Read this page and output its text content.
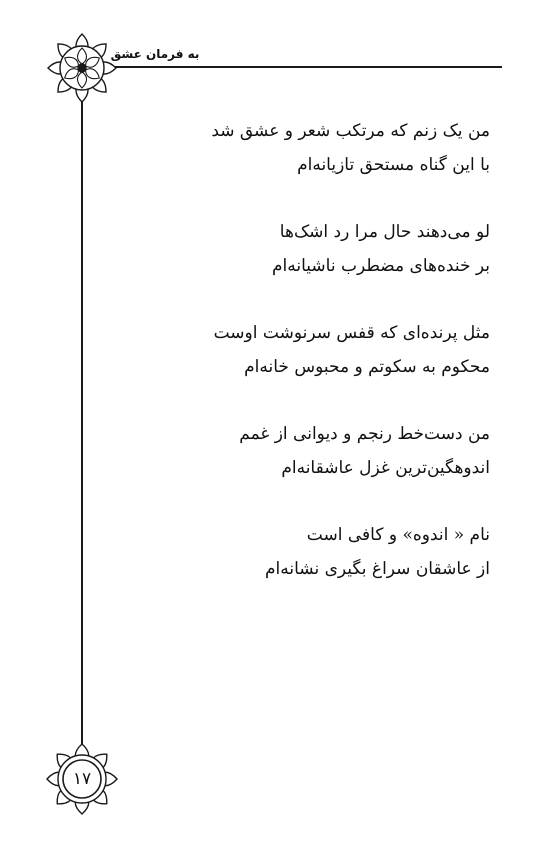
به فرمان عشق
۱۷
من یک زنم که مرتکب شعر و عشق شد
با این گناه مستحق تازیانه‌ام
لو می‌دهند حال مرا رد اشک‌ها
بر خنده‌های مضطرب ناشیانه‌ام
مثل پرنده‌ای که قفس سرنوشت اوست
محکوم به سکوتم و محبوس خانه‌ام
من دست‌خط رنجم و دیوانی از غمم
اندوهگین‌ترین غزل عاشقانه‌ام
نام « اندوه» و کافی است
از عاشقان سراغ بگیری نشانه‌ام
